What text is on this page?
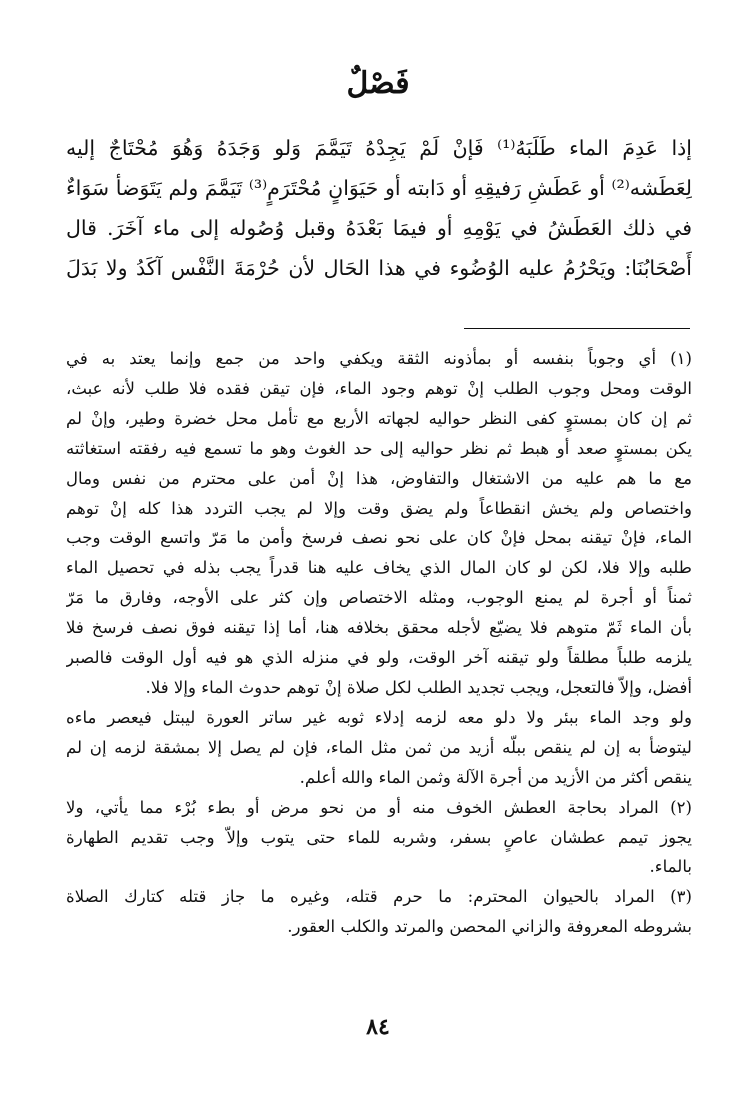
فَصْلٌ
إذا عَدِمَ الماء طَلَبَهُ⁽¹⁾ فَإنْ لَمْ يَجِدْهُ تَيَمَّمَ وَلو وَجَدَهُ وَهُوَ مُحْتَاجٌ إليه
لِعَطَشه⁽²⁾ أو عَطَشِ رَفيقِهِ أو دَابته أو حَيَوَانٍ مُحْتَرَمٍ⁽³⁾ تَيَمَّمَ ولم يَتَوَضأ سَوَاءٌ
في ذلك العَطَشُ في يَوْمِهِ أو فيمَا بَعْدَهُ وقبل وُصُوله إلى ماء آخَرَ. قال
أَصْحَابُنَا: ويَحْرُمُ عليه الوُضُوء في هذا الحَال لأن حُرْمَةَ النَّفْس آكَدُ ولا بَدَلَ
(١) أي وجوباً بنفسه أو بمأذونه الثقة ويكفي واحد من جمع وإنما يعتد به في
الوقت ومحل وجوب الطلب إنْ توهم وجود الماء، فإن تيقن فقده فلا طلب لأنه عبث،
ثم إن كان بمستوٍ كفى النظر حواليه لجهاته الأربع مع تأمل محل خضرة وطير، وإنْ لم
يكن بمستوٍ صعد أو هبط ثم نظر حواليه إلى حد الغوث وهو ما تسمع فيه رفقته استغاثته
مع ما هم عليه من الاشتغال والتفاوض، هذا إنْ أمن على محترم من نفس ومال
واختصاص ولم يخش انقطاعاً ولم يضق وقت وإلا لم يجب التردد هذا كله إنْ توهم
الماء، فإنْ تيقنه بمحل فإنْ كان على نحو نصف فرسخ وأمن ما مَرّ واتسع الوقت وجب
طلبه وإلا فلا، لكن لو كان المال الذي يخاف عليه هنا قدراً يجب بذله في تحصيل الماء
ثمناً أو أجرة لم يمنع الوجوب، ومثله الاختصاص وإن كثر على الأوجه، وفارق ما مَرّ
بأن الماء ثَمّ متوهم فلا يضيّع لأجله محقق بخلافه هنا، أما إذا تيقنه فوق نصف فرسخ فلا
يلزمه طلباً مطلقاً ولو تيقنه آخر الوقت، ولو في منزله الذي هو فيه أول الوقت فالصبر
أفضل، وإلاّ فالتعجل، ويجب تجديد الطلب لكل صلاة إنْ توهم حدوث الماء وإلا فلا.
ولو وجد الماء ببئر ولا دلو معه لزمه إدلاء ثوبه غير ساتر العورة ليبتل فيعصر ماءه
ليتوضأ به إن لم ينقص ببلّه أزيد من ثمن مثل الماء، فإن لم يصل إلا بمشقة لزمه إن لم
ينقص أكثر من الأزيد من أجرة الآلة وثمن الماء والله أعلم.
(٢) المراد بحاجة العطش الخوف منه أو من نحو مرض أو بطء بُرْء مما يأتي، ولا
يجوز تيمم عطشان عاصٍ بسفر، وشربه للماء حتى يتوب وإلاّ وجب تقديم الطهارة
بالماء.
(٣) المراد بالحيوان المحترم: ما حرم قتله، وغيره ما جاز قتله كتارك الصلاة
بشروطه المعروفة والزاني المحصن والمرتد والكلب العقور.
٨٤
